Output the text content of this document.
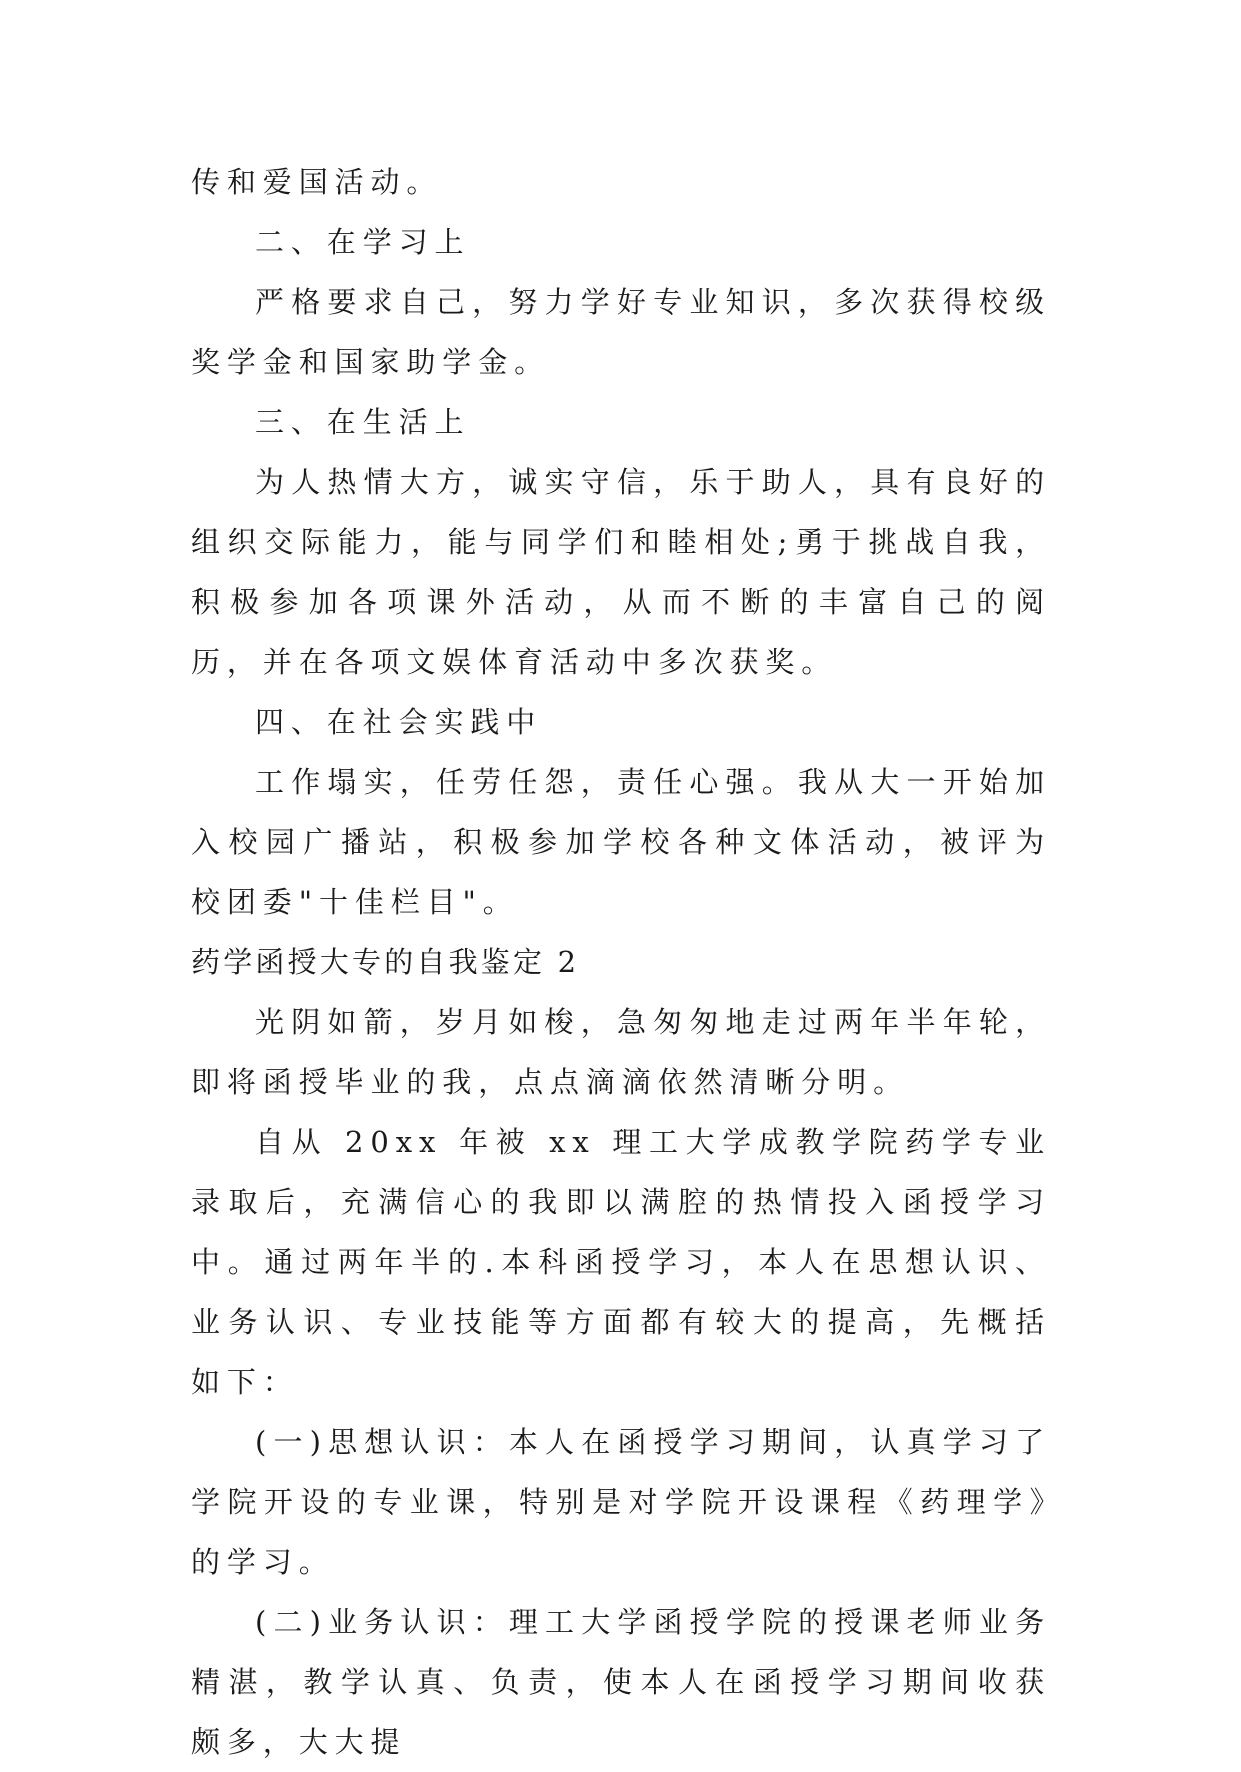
传和爱国活动。

二、在学习上

严格要求自己，努力学好专业知识，多次获得校级奖学金和国家助学金。

三、在生活上

为人热情大方，诚实守信，乐于助人，具有良好的组织交际能力，能与同学们和睦相处;勇于挑战自我，积极参加各项课外活动，从而不断的丰富自己的阅历，并在各项文娱体育活动中多次获奖。

四、在社会实践中

工作塌实，任劳任怨，责任心强。我从大一开始加入校园广播站，积极参加学校各种文体活动，被评为校团委"十佳栏目"。

药学函授大专的自我鉴定 2

光阴如箭，岁月如梭，急匆匆地走过两年半年轮，即将函授毕业的我，点点滴滴依然清晰分明。

自从 20xx 年被 xx 理工大学成教学院药学专业录取后，充满信心的我即以满腔的热情投入函授学习中。通过两年半的.本科函授学习，本人在思想认识、业务认识、专业技能等方面都有较大的提高，先概括如下：

(一)思想认识：本人在函授学习期间，认真学习了学院开设的专业课，特别是对学院开设课程《药理学》的学习。

(二)业务认识：理工大学函授学院的授课老师业务精湛，教学认真、负责，使本人在函授学习期间收获颇多，大大提
